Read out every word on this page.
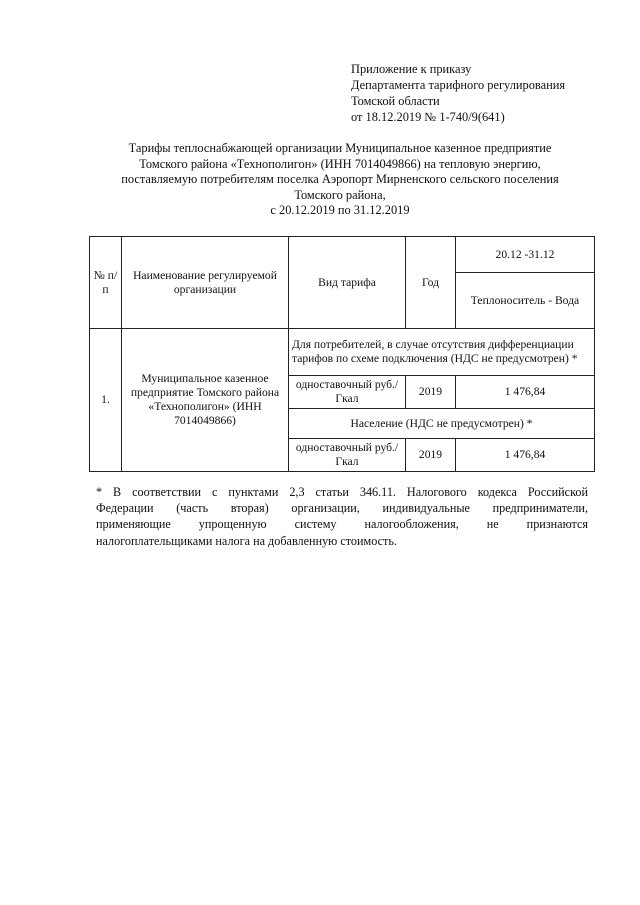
Приложение к приказу
Департамента тарифного регулирования
Томской области
от 18.12.2019 № 1-740/9(641)
Тарифы теплоснабжающей организации Муниципальное казенное предприятие
Томского района «Технополигон» (ИНН 7014049866) на тепловую энергию,
поставляемую потребителям поселка Аэропорт Мирненского сельского поселения
Томского района,
с 20.12.2019 по 31.12.2019
№ п/п	Наименование регулируемой организации	Вид тарифа	Год	20.12 -31.12
				Теплоноситель - Вода
1.	Муниципальное казенное предприятие Томского района «Технополигон» (ИНН 7014049866)	Для потребителей, в случае отсутствия дифференциации тарифов по схеме подключения (НДС не предусмотрен) *		
		одноставочный руб./Гкал	2019	1 476,84
		Население (НДС не предусмотрен) *		
		одноставочный руб./Гкал	2019	1 476,84
* В соответствии с пунктами 2,3 статьи 346.11. Налогового кодекса Российской
Федерации (часть вторая) организации, индивидуальные предприниматели,
применяющие упрощенную систему налогообложения, не признаются
налогоплательщиками налога на добавленную стоимость.
